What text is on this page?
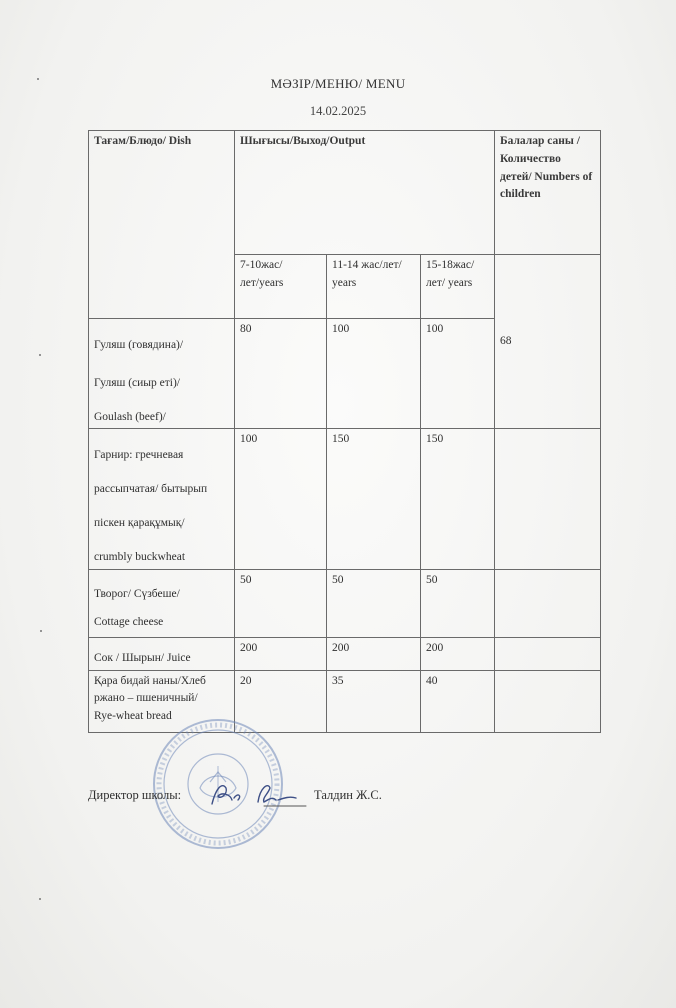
МӘЗІР/МЕНЮ/ MENU
14.02.2025
Тағам/Блюдо/ Dish	Шығысы/Выход/Output			Балалар саны /Количество детей/ Numbers of children
	7-10жас/лет/years	11-14 жас/лет/ years	15-18жас/лет/ years	68

Гуляш (говядина)/
Гуляш (сиыр еті)/
Goulash (beef)/	80	100	100	

Гарнир: гречневая
рассыпчатая/ бытырып
піскен қарақұмық/
crumbly buckwheat	100	150	150	

Творог/ Сүзбеше/
Cottage cheese	50	50	50	

Сок / Шырын/ Juice	200	200	200	

Қара бидай наны/Хлеб
ржано – пшеничный/
Rye-wheat bread	20	35	40	
Директор школы:	Талдин Ж.С.
